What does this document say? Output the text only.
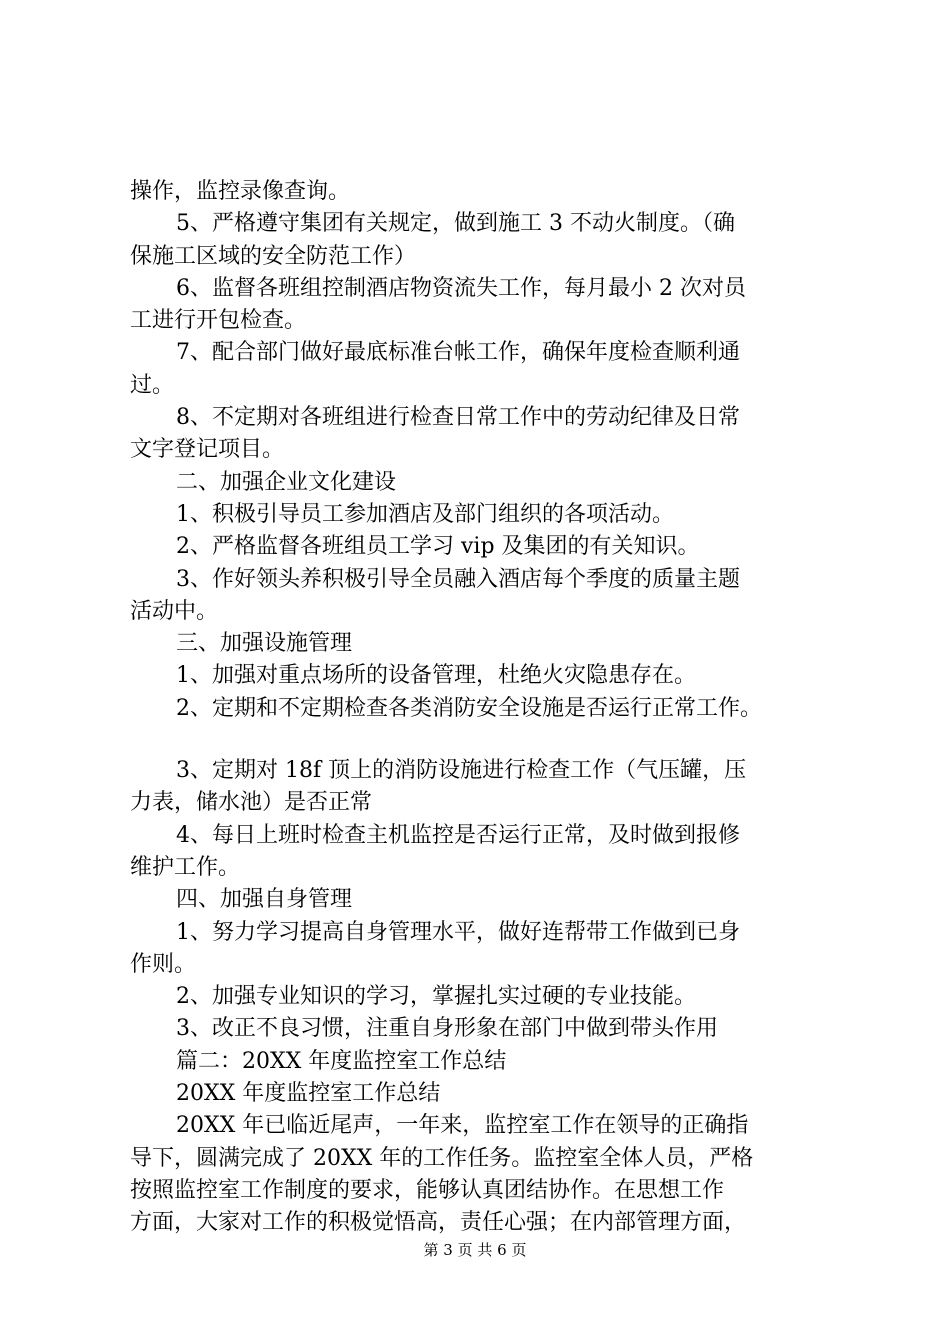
操作，监控录像查询。
5、严格遵守集团有关规定，做到施工 3 不动火制度。（确
保施工区域的安全防范工作）
6、监督各班组控制酒店物资流失工作，每月最小 2 次对员
工进行开包检查。
7、配合部门做好最底标准台帐工作，确保年度检查顺利通
过。
8、不定期对各班组进行检查日常工作中的劳动纪律及日常
文字登记项目。
二、加强企业文化建设
1、积极引导员工参加酒店及部门组织的各项活动。
2、严格监督各班组员工学习 vip 及集团的有关知识。
3、作好领头养积极引导全员融入酒店每个季度的质量主题
活动中。
三、加强设施管理
1、加强对重点场所的设备管理，杜绝火灾隐患存在。
2、定期和不定期检查各类消防安全设施是否运行正常工作。
3、定期对 18f 顶上的消防设施进行检查工作（气压罐，压
力表，储水池）是否正常
4、每日上班时检查主机监控是否运行正常，及时做到报修
维护工作。
四、加强自身管理
1、努力学习提高自身管理水平，做好连帮带工作做到已身
作则。
2、加强专业知识的学习，掌握扎实过硬的专业技能。
3、改正不良习惯，注重自身形象在部门中做到带头作用
篇二：20XX 年度监控室工作总结
20XX 年度监控室工作总结
20XX 年已临近尾声，一年来，监控室工作在领导的正确指
导下，圆满完成了 20XX 年的工作任务。监控室全体人员，严格
按照监控室工作制度的要求，能够认真团结协作。在思想工作
方面，大家对工作的积极觉悟高，责任心强；在内部管理方面，
第 3 页 共 6 页
